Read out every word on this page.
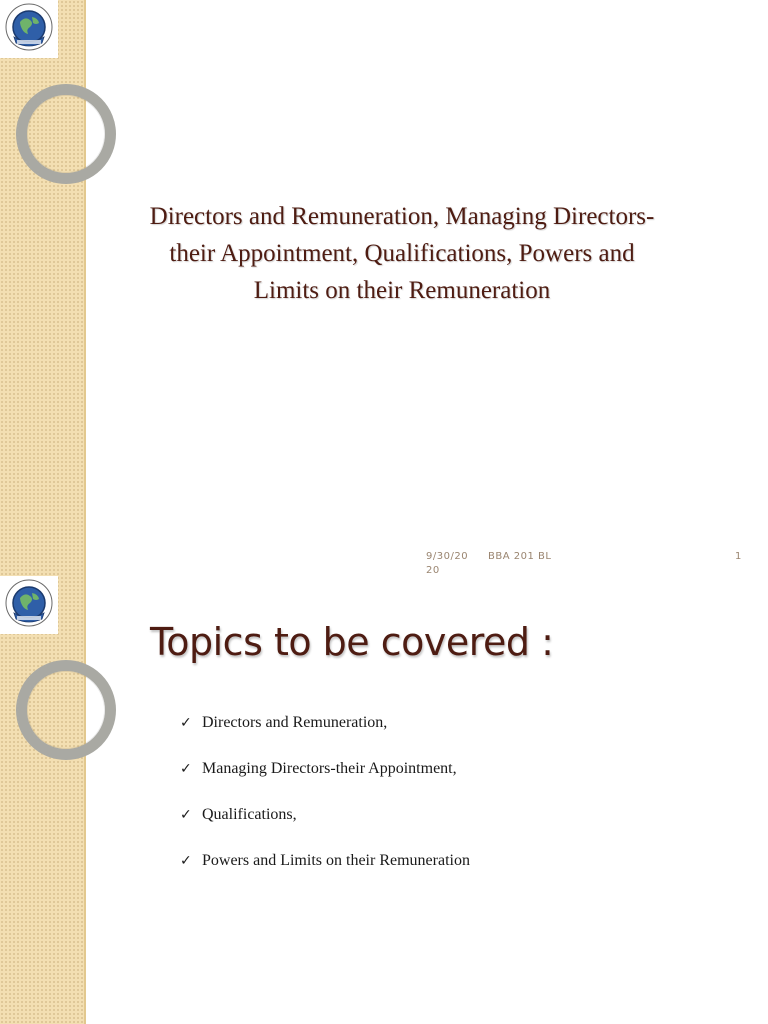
Directors and Remuneration, Managing Directors-
their Appointment, Qualifications, Powers and
Limits on their Remuneration
9/30/2020
BBA 201 BL	1
Topics to be covered :
✓ Directors and Remuneration,
✓ Managing Directors-their Appointment,
✓ Qualifications,
✓ Powers and Limits on their Remuneration
